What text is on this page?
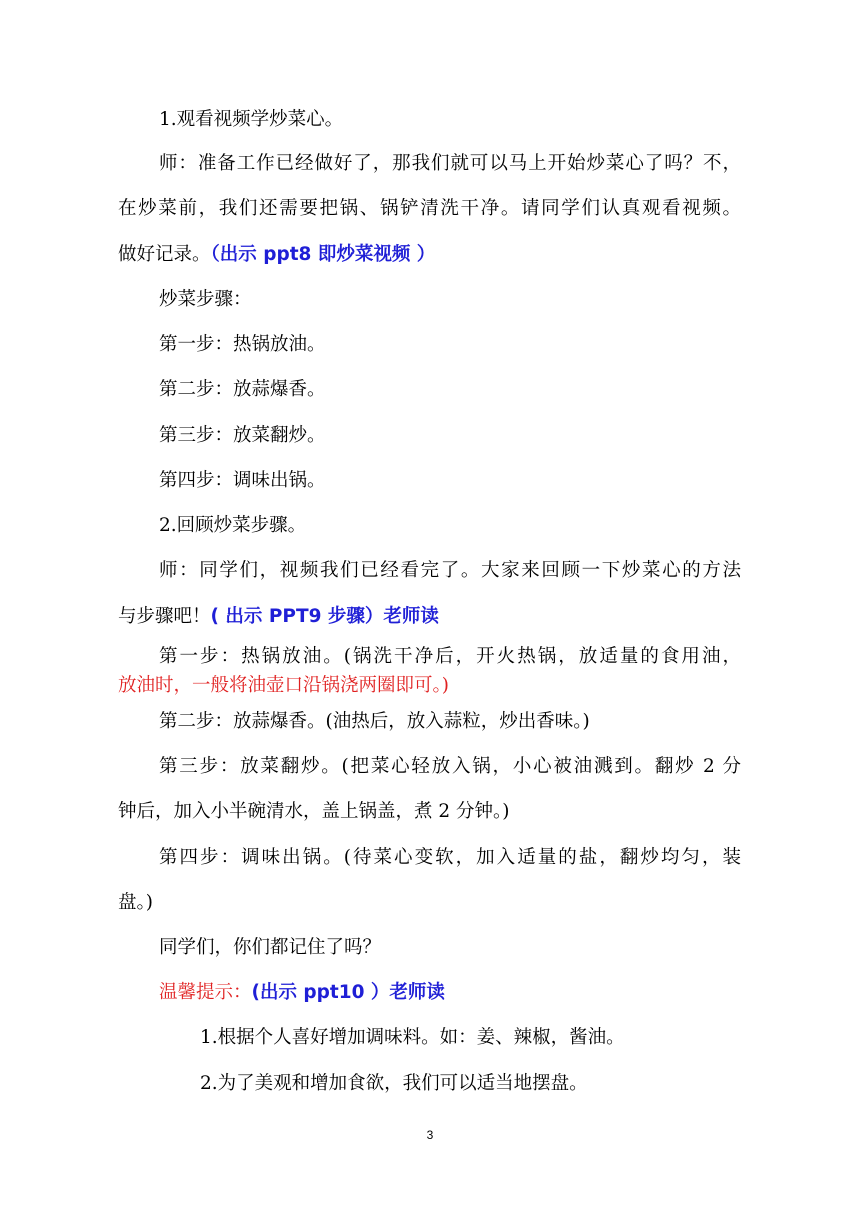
1.观看视频学炒菜心。
师：准备工作已经做好了，那我们就可以马上开始炒菜心了吗？不，
在炒菜前，我们还需要把锅、锅铲清洗干净。请同学们认真观看视频。
做好记录。（出示 ppt8 即炒菜视频 ）
炒菜步骤：
第一步：热锅放油。
第二步：放蒜爆香。
第三步：放菜翻炒。
第四步：调味出锅。
2.回顾炒菜步骤。
师：同学们，视频我们已经看完了。大家来回顾一下炒菜心的方法
与步骤吧！( 出示 PPT9 步骤）老师读
第一步：热锅放油。(锅洗干净后，开火热锅，放适量的食用油，
放油时，一般将油壶口沿锅浇两圈即可。)
第二步：放蒜爆香。(油热后，放入蒜粒，炒出香味。)
第三步：放菜翻炒。(把菜心轻放入锅，小心被油溅到。翻炒 2 分
钟后，加入小半碗清水，盖上锅盖，煮 2 分钟。)
第四步：调味出锅。(待菜心变软，加入适量的盐，翻炒均匀，装
盘。)
同学们，你们都记住了吗？
温馨提示：(出示 ppt10 ）老师读
1.根据个人喜好增加调味料。如：姜、辣椒，酱油。
2.为了美观和增加食欲，我们可以适当地摆盘。
3
